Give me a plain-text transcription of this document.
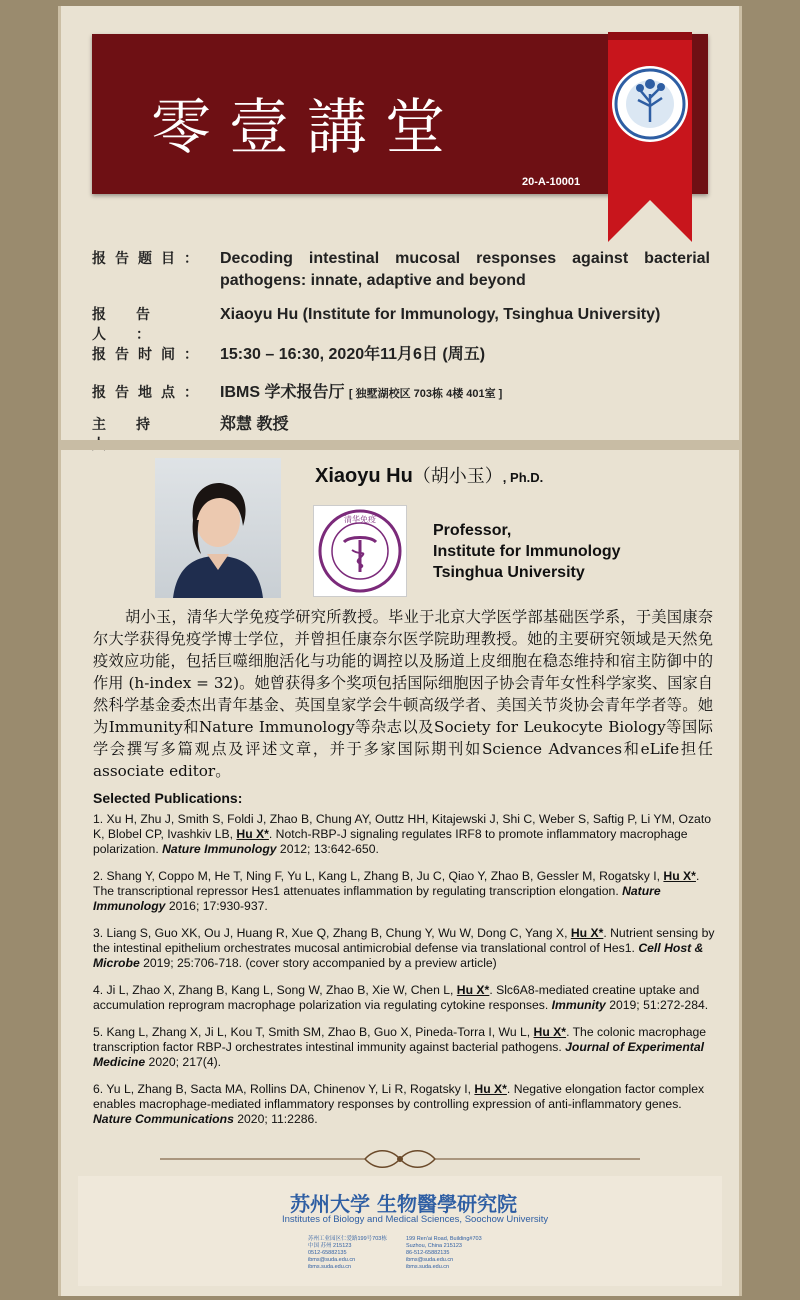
零壹講堂
20-A-10001
报告题目： Decoding intestinal mucosal responses against bacterial pathogens: innate, adaptive and beyond
报告人：
Xiaoyu Hu (Institute for Immunology, Tsinghua University)
报告时间： 15:30 – 16:30, 2020年11月6日 (周五)
报告地点： IBMS 学术报告厅 [ 独墅湖校区 703栋 4楼 401室 ]
主持	郑慧 教授
Xiaoyu Hu（胡小玉）, Ph.D.
清华免疫
Professor,
Institute for Immunology
Tsinghua University
胡小玉，清华大学免疫学研究所教授。毕业于北京大学医学部基础医学系，于美国康奈尔大学获得免疫学博士学位，并曾担任康奈尔医学院助理教授。她的主要研究领域是天然免疫效应功能，包括巨噬细胞活化与功能的调控以及肠道上皮细胞在稳态维持和宿主防御中的作用 (h-index = 32)。她曾获得多个奖项包括国际细胞因子协会青年女性科学家奖、国家自然科学基金委杰出青年基金、英国皇家学会牛顿高级学者、美国关节炎协会青年学者等。她为Immunity和Nature Immunology等杂志以及Society for Leukocyte Biology等国际学会撰写多篇观点及评述文章，并于多家国际期刊如Science Advances和eLife担任associate editor。
Selected Publications:
1. Xu H, Zhu J, Smith S, Foldi J, Zhao B, Chung AY, Outtz HH, Kitajewski J, Shi C, Weber S, Saftig P, Li YM, Ozato K, Blobel CP, Ivashkiv LB, Hu X*. Notch-RBP-J signaling regulates IRF8 to promote inflammatory macrophage polarization. Nature Immunology 2012; 13:642-650.
2. Shang Y, Coppo M, He T, Ning F, Yu L, Kang L, Zhang B, Ju C, Qiao Y, Zhao B, Gessler M, Rogatsky I, Hu X*. The transcriptional repressor Hes1 attenuates inflammation by regulating transcription elongation. Nature Immunology 2016; 17:930-937.
3. Liang S, Guo XK, Ou J, Huang R, Xue Q, Zhang B, Chung Y, Wu W, Dong C, Yang X, Hu X*. Nutrient sensing by the intestinal epithelium orchestrates mucosal antimicrobial defense via translational control of Hes1. Cell Host & Microbe 2019; 25:706-718. (cover story accompanied by a preview article)
4. Ji L, Zhao X, Zhang B, Kang L, Song W, Zhao B, Xie W, Chen L, Hu X*. Slc6A8-mediated creatine uptake and accumulation reprogram macrophage polarization via regulating cytokine responses. Immunity 2019; 51:272-284.
5. Kang L, Zhang X, Ji L, Kou T, Smith SM, Zhao B, Guo X, Pineda-Torra I, Wu L, Hu X*. The colonic macrophage transcription factor RBP-J orchestrates intestinal immunity against bacterial pathogens. Journal of Experimental Medicine 2020; 217(4).
6. Yu L, Zhang B, Sacta MA, Rollins DA, Chinenov Y, Li R, Rogatsky I, Hu X*. Negative elongation factor complex enables macrophage-mediated inflammatory responses by controlling expression of anti-inflammatory genes. Nature Communications 2020; 11:2286.
苏州大学 生物醫學研究院
Institutes of Biology and Medical Sciences, Soochow University
苏州工业园区仁爱路199号703栋
中国 苏州 215123
0512-65882135
ibms@suda.edu.cn
ibms.suda.edu.cn
199 Ren'ai Road, Building#703
Suzhou, China 215123
86-512-65882135
ibms@suda.edu.cn
ibms.suda.edu.cn
